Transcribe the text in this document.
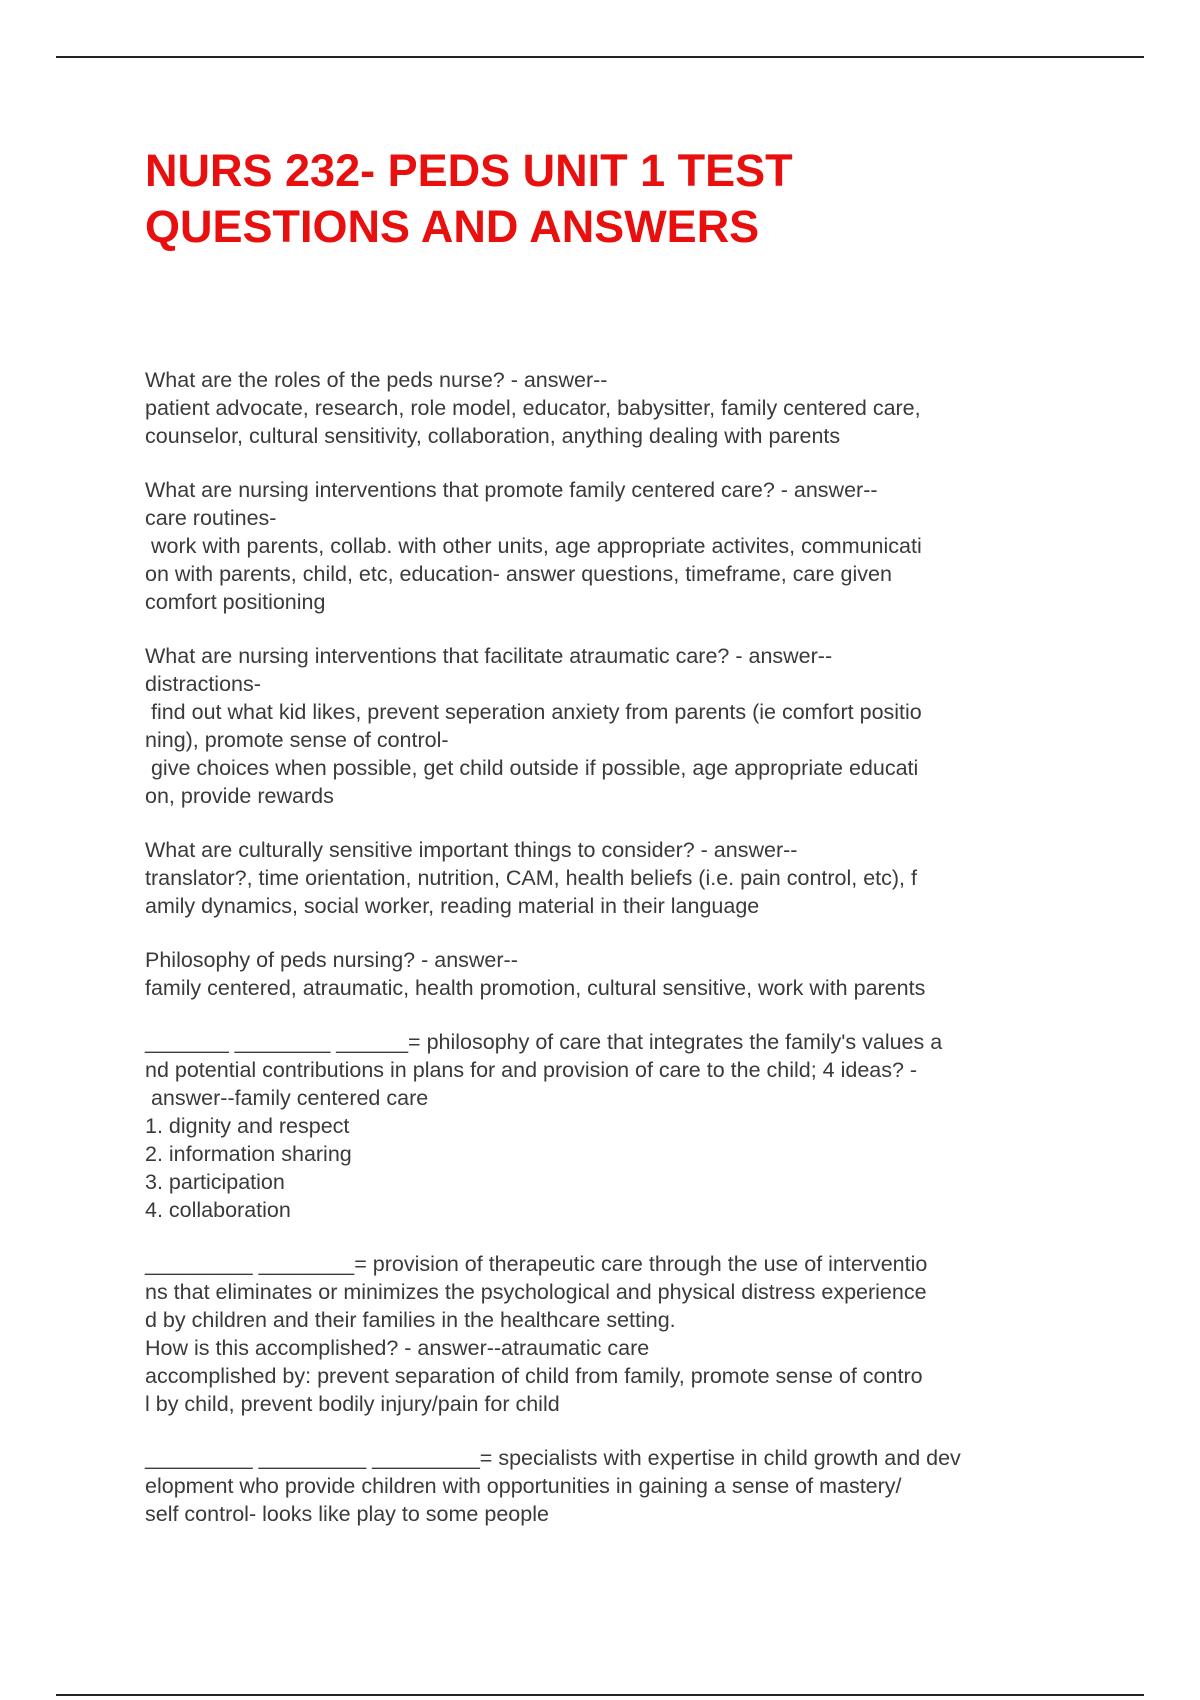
NURS 232- PEDS UNIT 1 TEST
QUESTIONS AND ANSWERS
What are the roles of the peds nurse? - answer--
patient advocate, research, role model, educator, babysitter, family centered care,
counselor, cultural sensitivity, collaboration, anything dealing with parents
What are nursing interventions that promote family centered care? - answer--
care routines-
work with parents, collab. with other units, age appropriate activites, communicati
on with parents, child, etc, education- answer questions, timeframe, care given
comfort positioning
What are nursing interventions that facilitate atraumatic care? - answer--
distractions-
find out what kid likes, prevent seperation anxiety from parents (ie comfort positio
ning), promote sense of control-
give choices when possible, get child outside if possible, age appropriate educati
on, provide rewards
What are culturally sensitive important things to consider? - answer--
translator?, time orientation, nutrition, CAM, health beliefs (i.e. pain control, etc), f
amily dynamics, social worker, reading material in their language
Philosophy of peds nursing? - answer--
family centered, atraumatic, health promotion, cultural sensitive, work with parents
_______ ________ ______= philosophy of care that integrates the family's values a
nd potential contributions in plans for and provision of care to the child; 4 ideas? -
answer--family centered care
1. dignity and respect
2. information sharing
3. participation
4. collaboration
_________ ________= provision of therapeutic care through the use of interventio
ns that eliminates or minimizes the psychological and physical distress experience
d by children and their families in the healthcare setting.
How is this accomplished? - answer--atraumatic care
accomplished by: prevent separation of child from family, promote sense of contro
l by child, prevent bodily injury/pain for child
_________ _________ _________= specialists with expertise in child growth and dev
elopment who provide children with opportunities in gaining a sense of mastery/
self control- looks like play to some people
